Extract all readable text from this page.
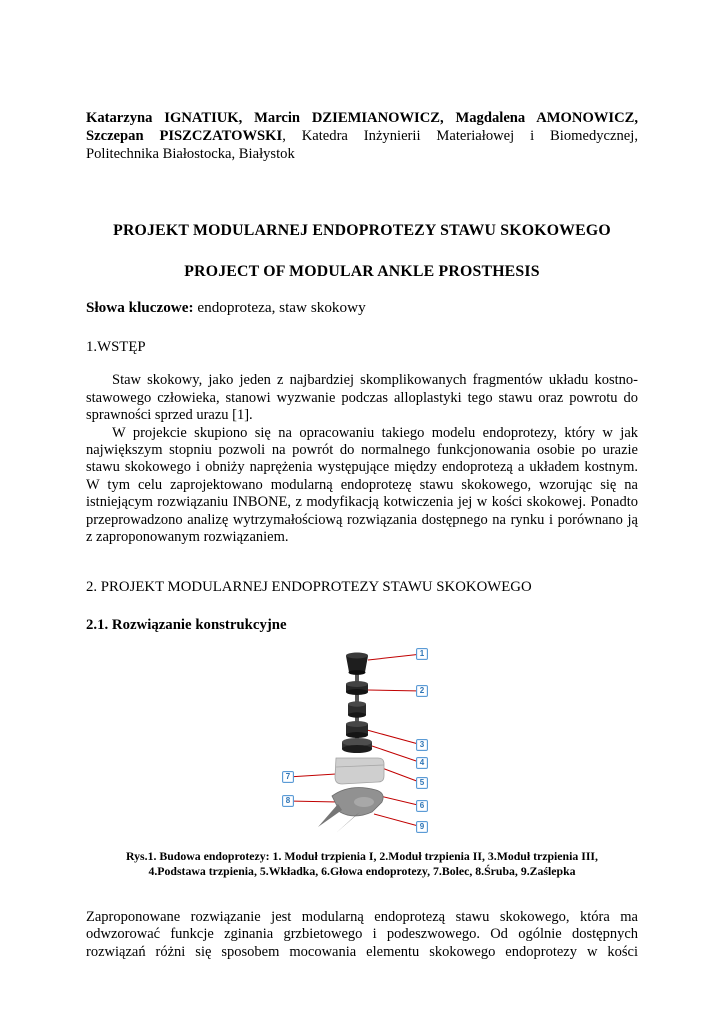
Katarzyna IGNATIUK, Marcin DZIEMIANOWICZ, Magdalena AMONOWICZ, Szczepan PISZCZATOWSKI, Katedra Inżynierii Materiałowej i Biomedycznej, Politechnika Białostocka, Białystok

PROJEKT MODULARNEJ ENDOPROTEZY STAWU SKOKOWEGO

PROJECT OF MODULAR ANKLE PROSTHESIS

Słowa kluczowe: endoproteza, staw skokowy

1.WSTĘP

Staw skokowy, jako jeden z najbardziej skomplikowanych fragmentów układu kostno-stawowego człowieka, stanowi wyzwanie podczas alloplastyki tego stawu oraz powrotu do sprawności sprzed urazu [1].

W projekcie skupiono się na opracowaniu takiego modelu endoprotezy, który w jak największym stopniu pozwoli na powrót do normalnego funkcjonowania osobie po urazie stawu skokowego i obniży naprężenia występujące między endoprotezą a układem kostnym. W tym celu zaprojektowano modularną endoprotezę stawu skokowego, wzorując się na istniejącym rozwiązaniu INBONE, z modyfikacją kotwiczenia jej w kości skokowej. Ponadto przeprowadzono analizę wytrzymałościową rozwiązania dostępnego na rynku i porównano ją z zaproponowanym rozwiązaniem.

2. PROJEKT MODULARNEJ ENDOPROTEZY STAWU SKOKOWEGO

2.1. Rozwiązanie konstrukcyjne

1
2
3
4
5
6
7
8
9

Rys.1. Budowa endoprotezy: 1. Moduł trzpienia I, 2.Moduł trzpienia II, 3.Moduł trzpienia III,
4.Podstawa trzpienia, 5.Wkładka, 6.Głowa endoprotezy, 7.Bolec, 8.Śruba, 9.Zaślepka

Zaproponowane rozwiązanie jest modularną endoprotezą stawu skokowego, która ma odwzorować funkcje zginania grzbietowego i podeszwowego. Od ogólnie dostępnych rozwiązań różni się sposobem mocowania elementu skokowego endoprotezy w kości
